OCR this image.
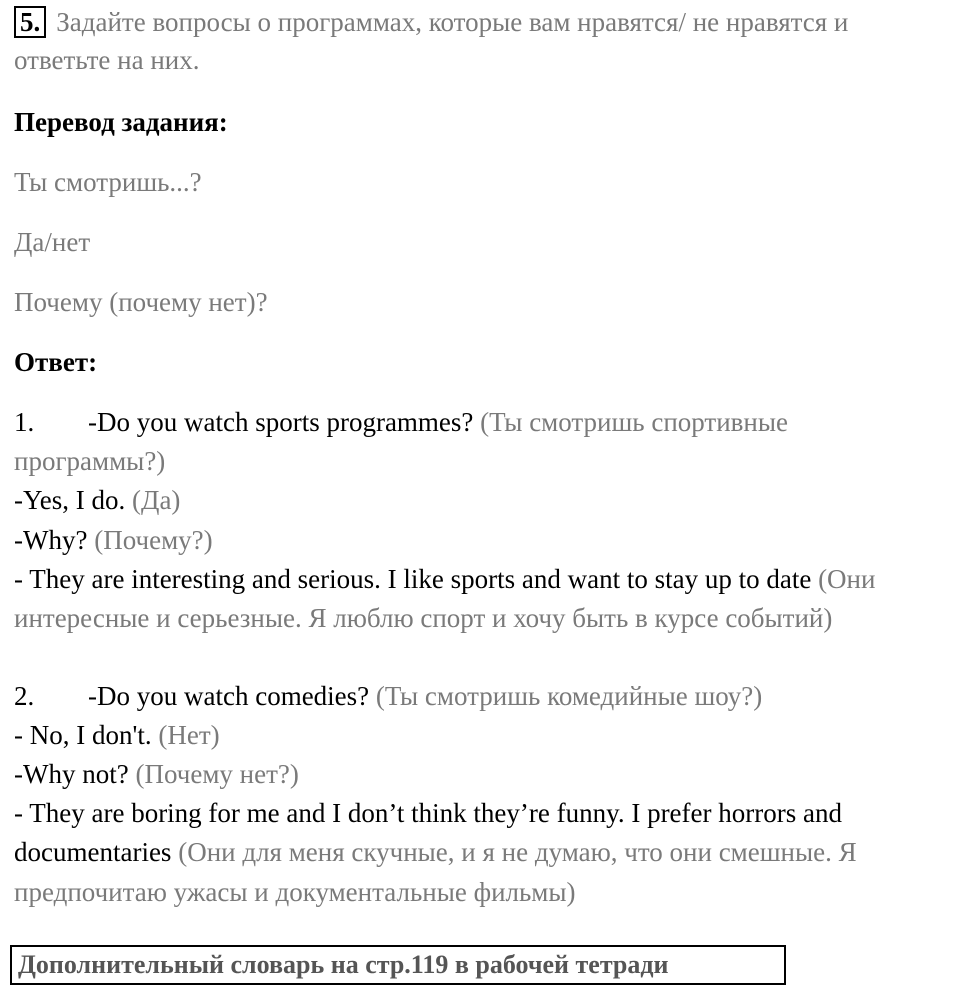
5. Задайте вопросы о программах, которые вам нравятся/ не нравятся и
ответьте на них.
Перевод задания:
Ты смотришь...?
Да/нет
Почему (почему нет)?
Ответ:
1. -Do you watch sports programmes? (Ты смотришь спортивные
программы?)
-Yes, I do. (Да)
-Why? (Почему?)
- They are interesting and serious. I like sports and want to stay up to date (Они
интересные и серьезные. Я люблю спорт и хочу быть в курсе событий)
2. -Do you watch comedies? (Ты смотришь комедийные шоу?)
- No, I don't. (Нет)
-Why not? (Почему нет?)
- They are boring for me and I don’t think they’re funny. I prefer horrors and
documentaries (Они для меня скучные, и я не думаю, что они смешные. Я
предпочитаю ужасы и документальные фильмы)
Дополнительный словарь на стр.119 в рабочей тетради
